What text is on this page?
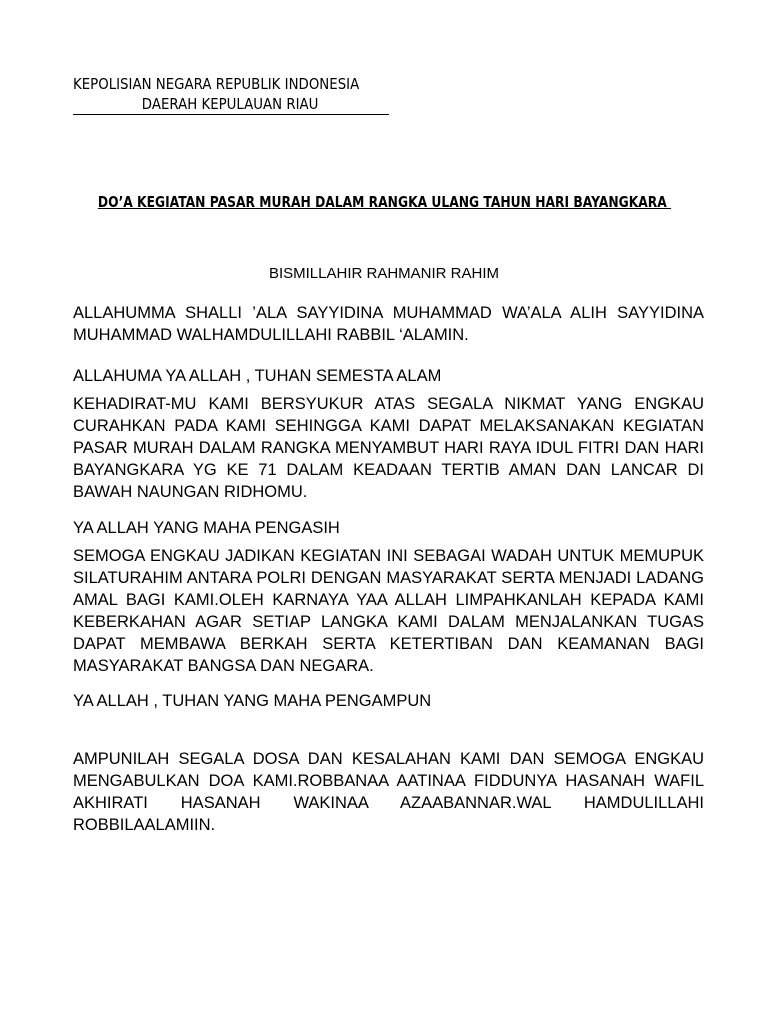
KEPOLISIAN NEGARA REPUBLIK INDONESIA
DAERAH KEPULAUAN RIAU
DO’A KEGIATAN PASAR MURAH DALAM RANGKA ULANG TAHUN HARI BAYANGKARA
BISMILLAHIR RAHMANIR RAHIM

ALLAHUMMA SHALLI ’ALA SAYYIDINA MUHAMMAD WA’ALA ALIH SAYYIDINA MUHAMMAD WALHAMDULILLAHI RABBIL ‘ALAMIN.

ALLAHUMA YA ALLAH , TUHAN SEMESTA ALAM

KEHADIRAT-MU KAMI BERSYUKUR ATAS SEGALA NIKMAT YANG ENGKAU CURAHKAN PADA KAMI SEHINGGA KAMI DAPAT MELAKSANAKAN KEGIATAN PASAR MURAH DALAM RANGKA MENYAMBUT HARI RAYA IDUL FITRI DAN HARI BAYANGKARA YG KE 71 DALAM KEADAAN TERTIB AMAN DAN LANCAR DI BAWAH NAUNGAN RIDHOMU.

YA ALLAH YANG MAHA PENGASIH

SEMOGA ENGKAU JADIKAN KEGIATAN INI SEBAGAI WADAH UNTUK MEMUPUK SILATURAHIM ANTARA POLRI DENGAN MASYARAKAT SERTA MENJADI LADANG AMAL BAGI KAMI.OLEH KARNAYA YAA ALLAH LIMPAHKANLAH KEPADA KAMI KEBERKAHAN AGAR SETIAP LANGKA KAMI DALAM MENJALANKAN TUGAS DAPAT MEMBAWA BERKAH SERTA KETERTIBAN DAN KEAMANAN BAGI MASYARAKAT BANGSA DAN NEGARA.

YA ALLAH , TUHAN YANG MAHA PENGAMPUN

AMPUNILAH SEGALA DOSA DAN KESALAHAN KAMI DAN SEMOGA ENGKAU MENGABULKAN DOA KAMI.ROBBANAA AATINAA FIDDUNYA HASANAH WAFIL AKHIRATI HASANAH WAKINAA AZAABANNAR.WAL HAMDULILLAHI ROBBILAALAMIIN.
